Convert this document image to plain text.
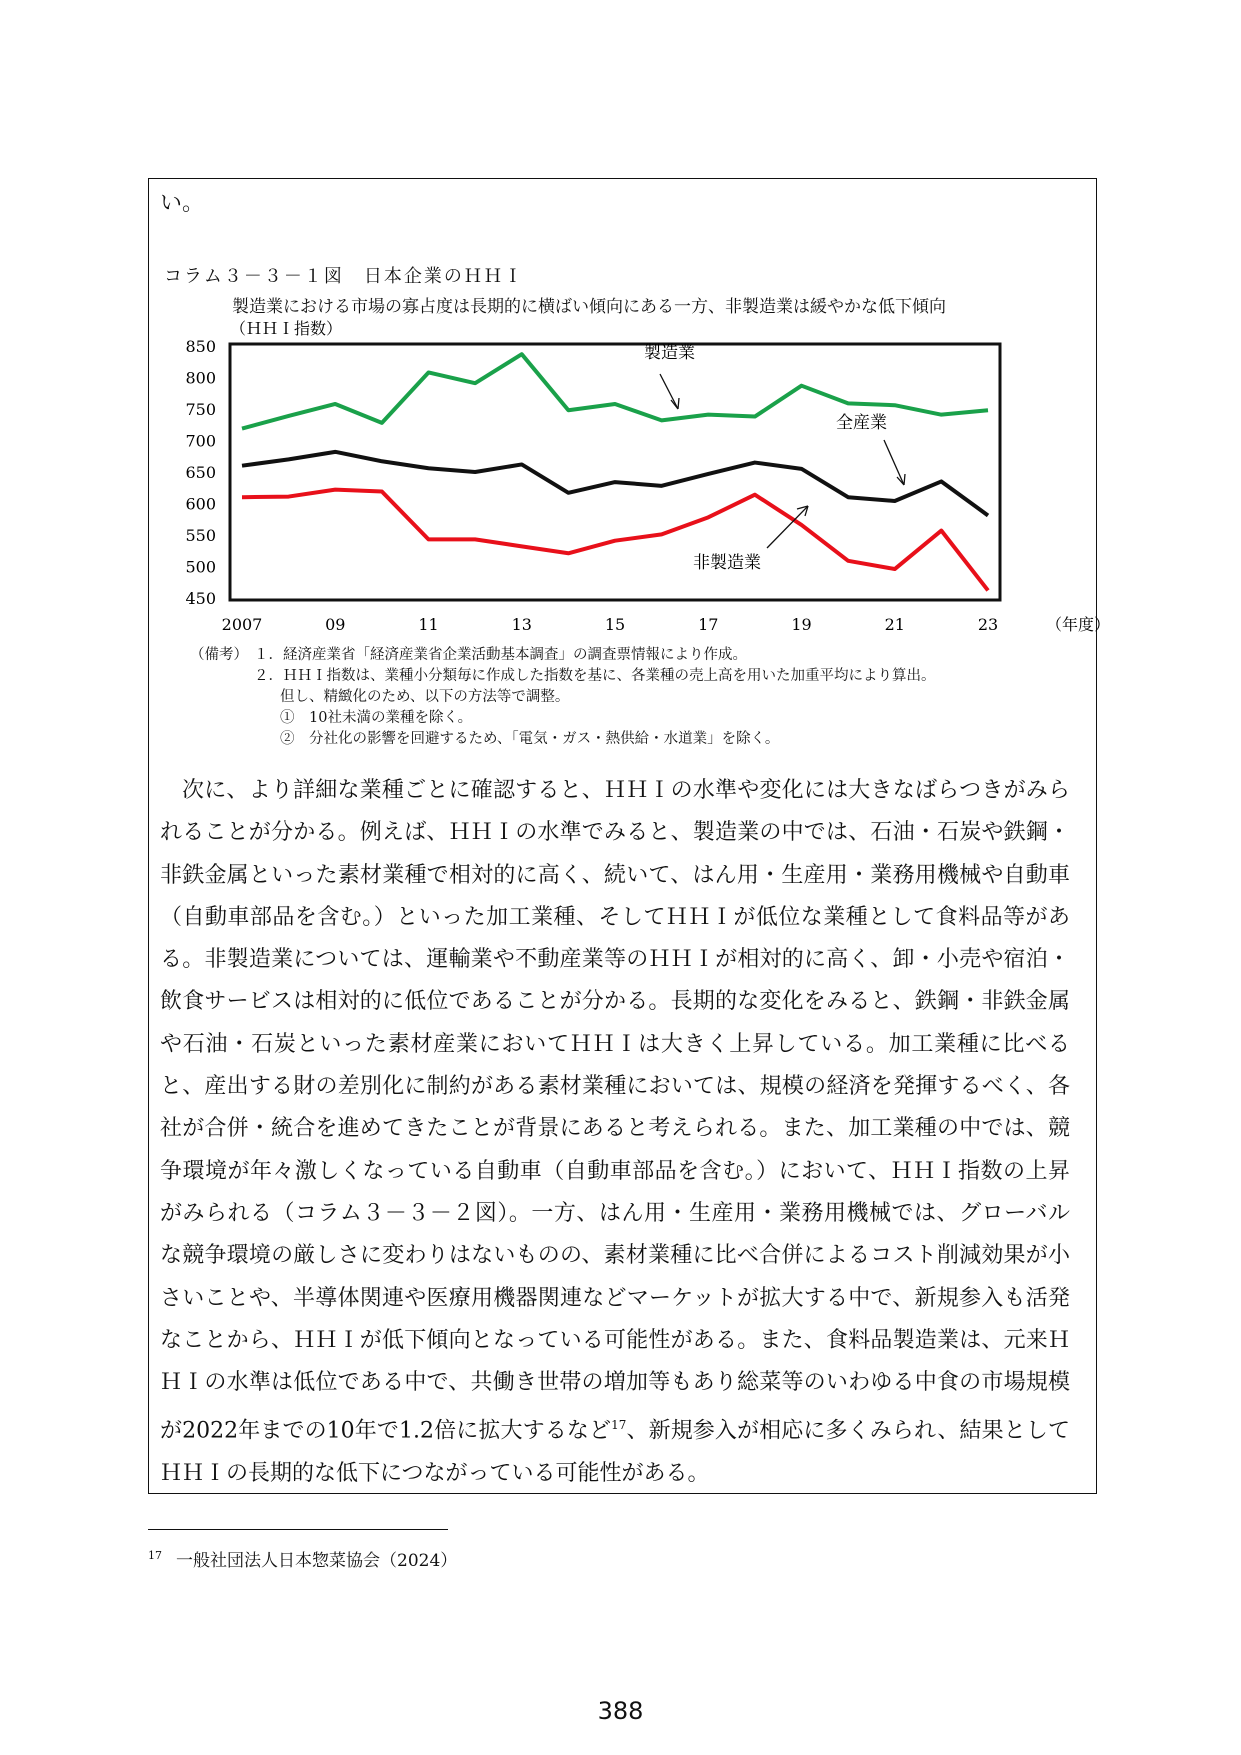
い。
コラム３－３－１図　日本企業のＨＨＩ
製造業における市場の寡占度は長期的に横ばい傾向にある一方、非製造業は緩やかな低下傾向
（ＨＨＩ指数）
450
500
550
600
650
700
750
800
850
2007	09	11	13	15	17	19	21	23	（年度）
製造業
全産業
非製造業
（備考） １．経済産業省「経済産業省企業活動基本調査」の調査票情報により作成。
２．ＨＨＩ指数は、業種小分類毎に作成した指数を基に、各業種の売上高を用いた加重平均により算出。
但し、精緻化のため、以下の方法等で調整。
①　10社未満の業種を除く。
②　分社化の影響を回避するため、「電気・ガス・熱供給・水道業」を除く。

次に、より詳細な業種ごとに確認すると、ＨＨＩの水準や変化には大きなばらつきがみられることが分かる。例えば、ＨＨＩの水準でみると、製造業の中では、石油・石炭や鉄鋼・非鉄金属といった素材業種で相対的に高く、続いて、はん用・生産用・業務用機械や自動車（自動車部品を含む。）といった加工業種、そしてＨＨＩが低位な業種として食料品等がある。非製造業については、運輸業や不動産業等のＨＨＩが相対的に高く、卸・小売や宿泊・飲食サービスは相対的に低位であることが分かる。長期的な変化をみると、鉄鋼・非鉄金属や石油・石炭といった素材産業においてＨＨＩは大きく上昇している。加工業種に比べると、産出する財の差別化に制約がある素材業種においては、規模の経済を発揮するべく、各社が合併・統合を進めてきたことが背景にあると考えられる。また、加工業種の中では、競争環境が年々激しくなっている自動車（自動車部品を含む。）において、ＨＨＩ指数の上昇がみられる（コラム３－３－２図）。一方、はん用・生産用・業務用機械では、グローバルな競争環境の厳しさに変わりはないものの、素材業種に比べ合併によるコスト削減効果が小さいことや、半導体関連や医療用機器関連などマーケットが拡大する中で、新規参入も活発なことから、ＨＨＩが低下傾向となっている可能性がある。また、食料品製造業は、元来ＨＨＩの水準は低位である中で、共働き世帯の増加等もあり総菜等のいわゆる中食の市場規模が2022年までの10年で1.2倍に拡大するなど$^{17}$、新規参入が相応に多くみられ、結果としてＨＨＩの長期的な低下につながっている可能性がある。

$^{17}$ 一般社団法人日本惣菜協会（2024）
388
